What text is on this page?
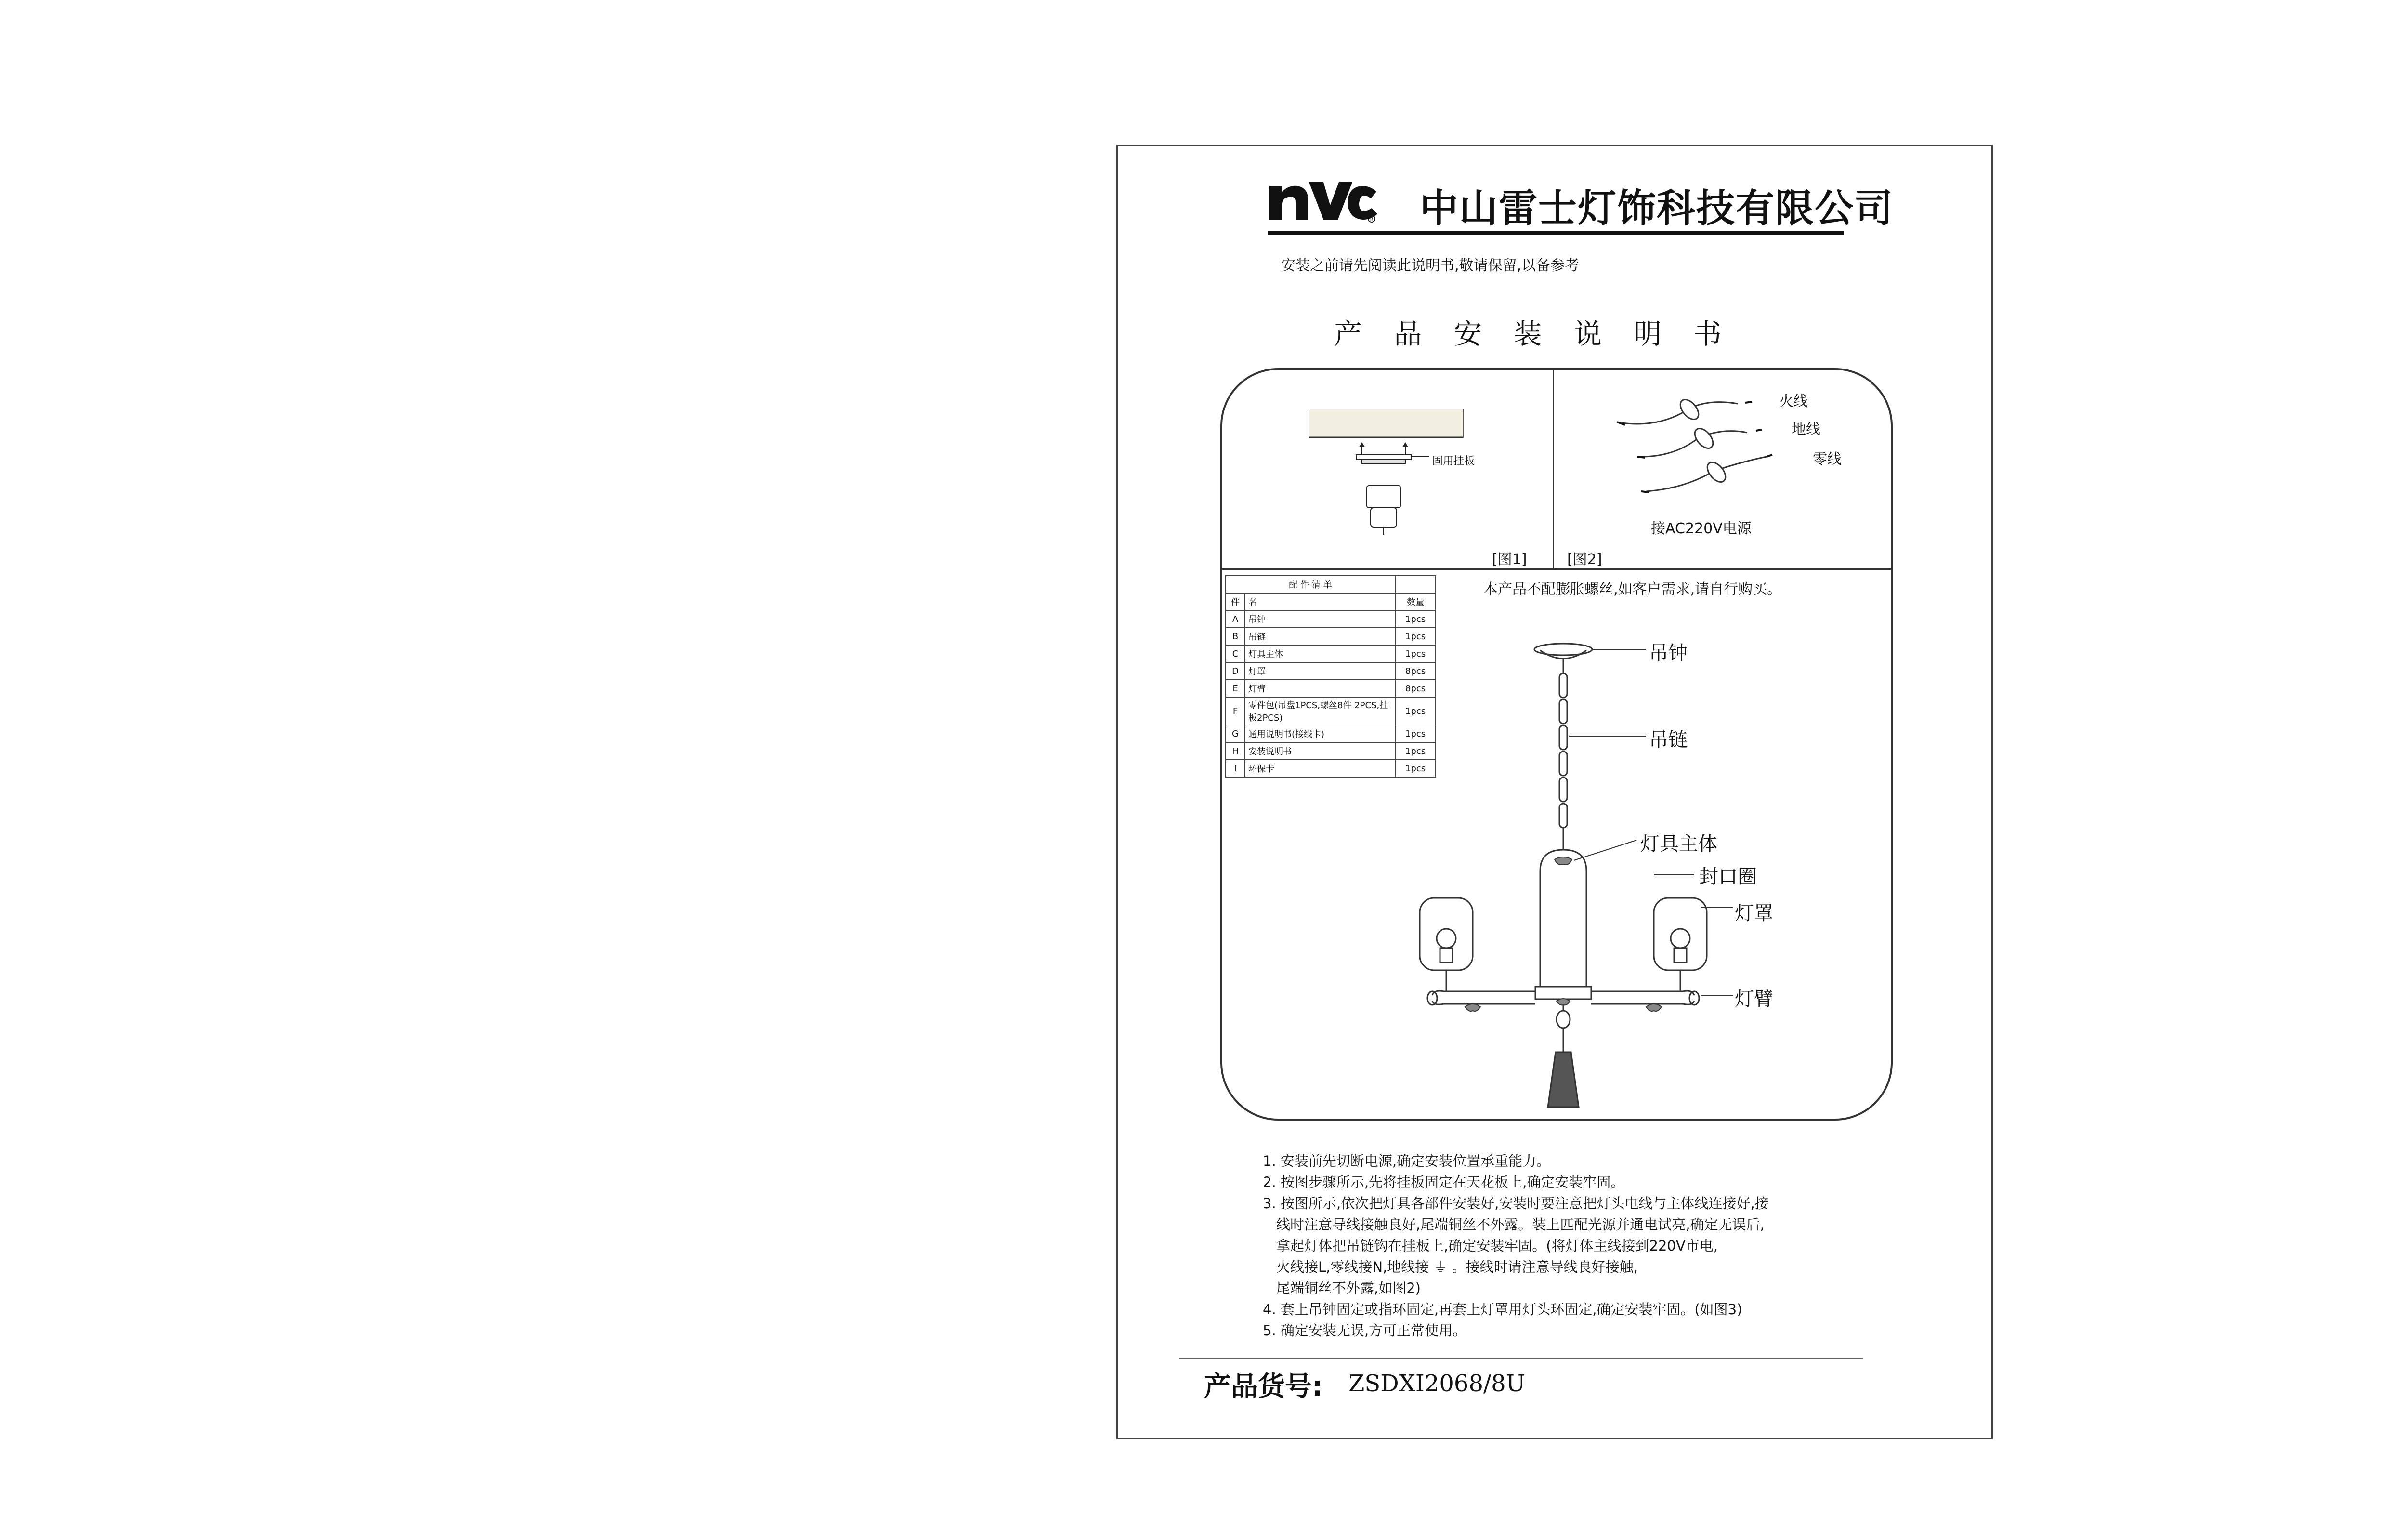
R 中山雷士灯饰科技有限公司
安装之前请先阅读此说明书,敬请保留,以备参考
产 品 安 装 说 明 书
固用挂板
[图1]
火线
地线
零线
接AC220V电源
[图2]
本产品不配膨胀螺丝,如客户需求,请自行购买。
配 件 清 单		
件	名	数量
A	吊钟	1pcs
B	吊链	1pcs
C	灯具主体	1pcs
D	灯罩	8pcs
E	灯臂	8pcs
F	零件包(吊盘1PCS,螺丝8件 2PCS,挂板2PCS)	1pcs
G	通用说明书(接线卡)	1pcs
H	安装说明书	1pcs
I	环保卡	1pcs
吊钟
吊链
灯具主体
封口圈
灯罩
灯臂
1. 安装前先切断电源,确定安装位置承重能力。
2. 按图步骤所示,先将挂板固定在天花板上,确定安装牢固。
3. 按图所示,依次把灯具各部件安装好,安装时要注意把灯头电线与主体线连接好,接
线时注意导线接触良好,尾端铜丝不外露。装上匹配光源并通电试亮,确定无误后,
拿起灯体把吊链钩在挂板上,确定安装牢固。(将灯体主线接到220V市电,
火线接L,零线接N,地线接 ⏚ 。接线时请注意导线良好接触,
尾端铜丝不外露,如图2)
4. 套上吊钟固定或指环固定,再套上灯罩用灯头环固定,确定安装牢固。(如图3)
5. 确定安装无误,方可正常使用。
产品货号: ZSDXI2068/8U
